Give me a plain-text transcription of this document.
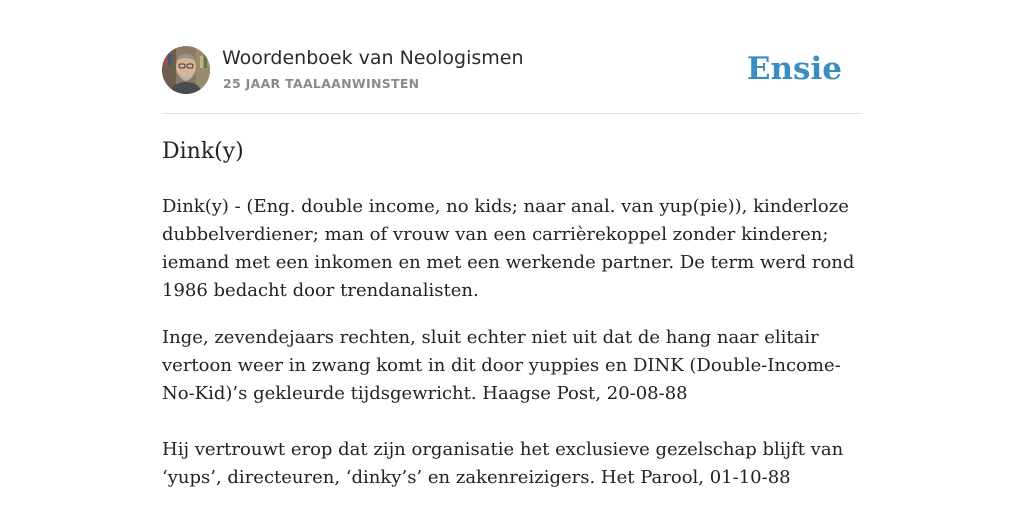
Woordenboek van Neologismen
25 JAAR TAALAANWINSTEN	Ensie
Dink(y)

Dink(y) - (Eng. double income, no kids; naar anal. van yup(pie)), kinderloze dubbelverdiener; man of vrouw van een carrièrekoppel zonder kinderen; iemand met een inkomen en met een werkende partner. De term werd rond 1986 bedacht door trendanalisten.

Inge, zevendejaars rechten, sluit echter niet uit dat de hang naar elitair vertoon weer in zwang komt in dit door yuppies en DINK (Double-Income-No-Kid)’s gekleurde tijdsgewricht. Haagse Post, 20-08-88

Hij vertrouwt erop dat zijn organisatie het exclusieve gezelschap blijft van ‘yups’, directeuren, ‘dinky’s’ en zakenreizigers. Het Parool, 01-10-88
